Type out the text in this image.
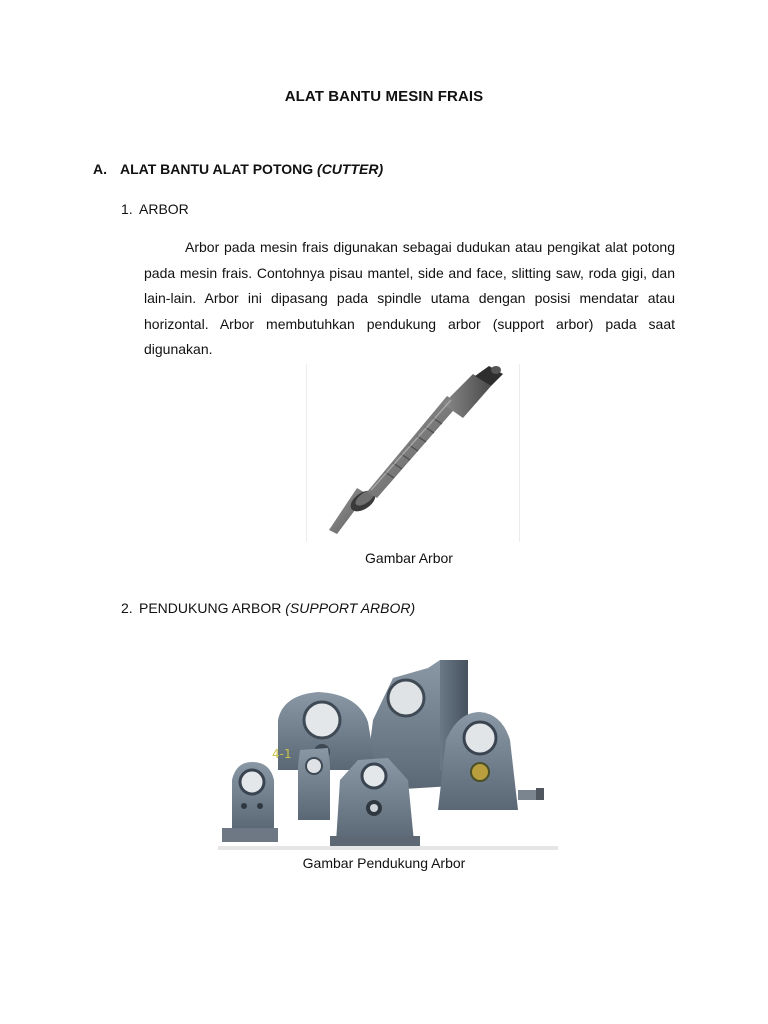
ALAT BANTU MESIN FRAIS
A. ALAT BANTU ALAT POTONG (CUTTER)
1. ARBOR

Arbor pada mesin frais digunakan sebagai dudukan atau pengikat alat potong pada mesin frais. Contohnya pisau mantel, side and face, slitting saw, roda gigi, dan lain-lain. Arbor ini dipasang pada spindle utama dengan posisi mendatar atau horizontal. Arbor membutuhkan pendukung arbor (support arbor) pada saat digunakan.

Gambar Arbor
2. PENDUKUNG ARBOR (SUPPORT ARBOR)
4-1
Gambar Pendukung Arbor
